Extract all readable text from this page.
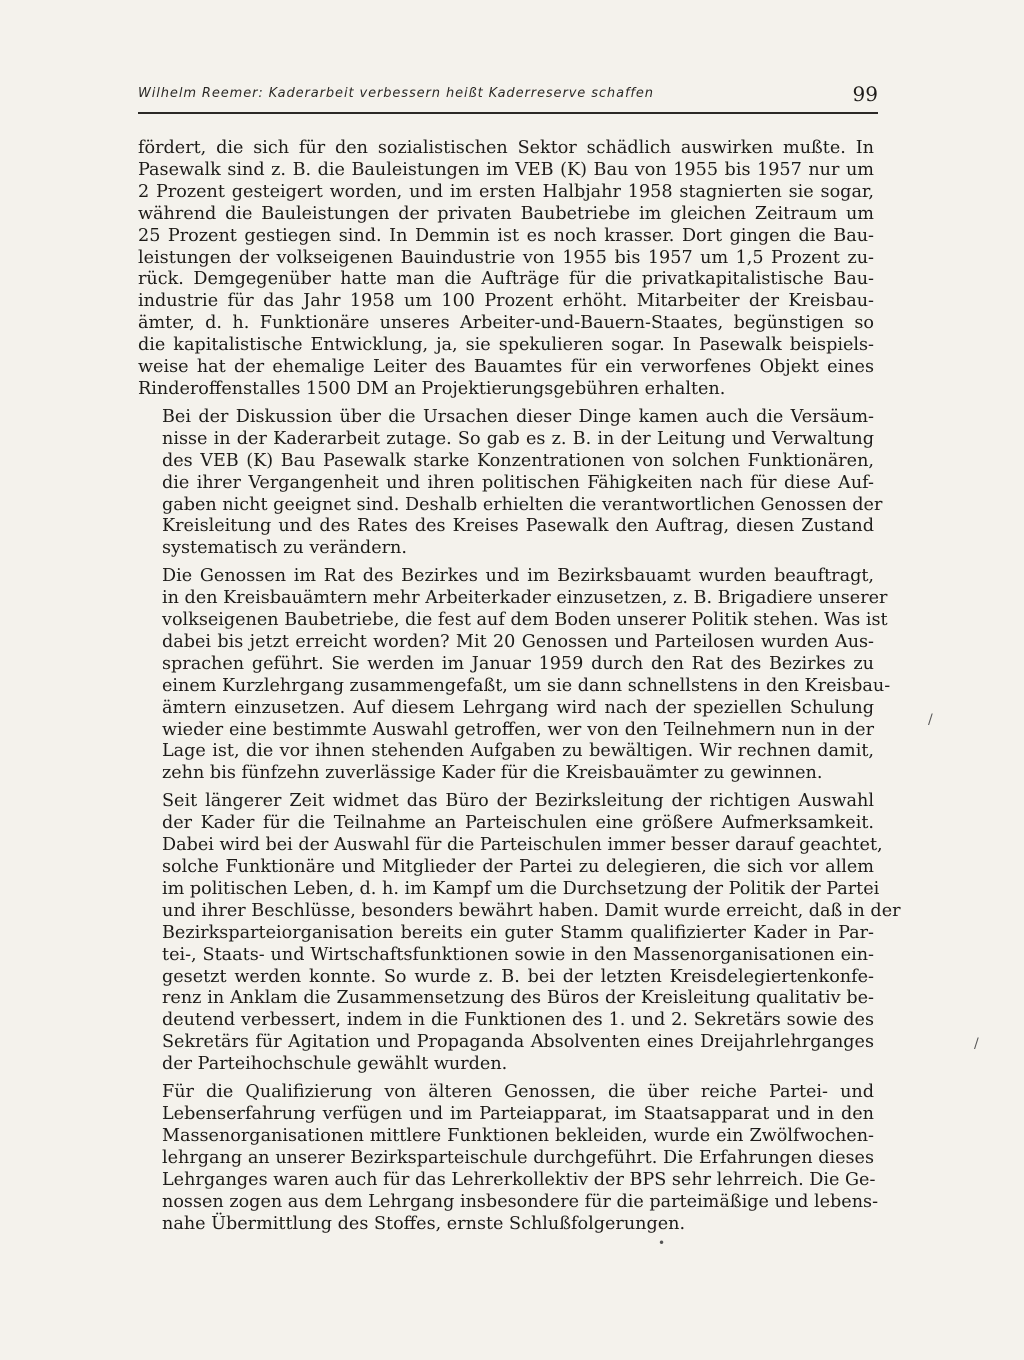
Wilhelm Reemer: Kaderarbeit verbessern heißt Kaderreserve schaffen	99

fördert, die sich für den sozialistischen Sektor schädlich auswirken mußte. In
Pasewalk sind z. B. die Bauleistungen im VEB (K) Bau von 1955 bis 1957 nur um
2 Prozent gesteigert worden, und im ersten Halbjahr 1958 stagnierten sie sogar,
während die Bauleistungen der privaten Baubetriebe im gleichen Zeitraum um
25 Prozent gestiegen sind. In Demmin ist es noch krasser. Dort gingen die Bau-
leistungen der volkseigenen Bauindustrie von 1955 bis 1957 um 1,5 Prozent zu-
rück. Demgegenüber hatte man die Aufträge für die privatkapitalistische Bau-
industrie für das Jahr 1958 um 100 Prozent erhöht. Mitarbeiter der Kreisbau-
ämter, d. h. Funktionäre unseres Arbeiter-und-Bauern-Staates, begünstigen so
die kapitalistische Entwicklung, ja, sie spekulieren sogar. In Pasewalk beispiels-
weise hat der ehemalige Leiter des Bauamtes für ein verworfenes Objekt eines
Rinderoffenstalles 1500 DM an Projektierungsgebühren erhalten.

Bei der Diskussion über die Ursachen dieser Dinge kamen auch die Versäum-
nisse in der Kaderarbeit zutage. So gab es z. B. in der Leitung und Verwaltung
des VEB (K) Bau Pasewalk starke Konzentrationen von solchen Funktionären,
die ihrer Vergangenheit und ihren politischen Fähigkeiten nach für diese Auf-
gaben nicht geeignet sind. Deshalb erhielten die verantwortlichen Genossen der
Kreisleitung und des Rates des Kreises Pasewalk den Auftrag, diesen Zustand
systematisch zu verändern.

Die Genossen im Rat des Bezirkes und im Bezirksbauamt wurden beauftragt,
in den Kreisbauämtern mehr Arbeiterkader einzusetzen, z. B. Brigadiere unserer
volkseigenen Baubetriebe, die fest auf dem Boden unserer Politik stehen. Was ist
dabei bis jetzt erreicht worden? Mit 20 Genossen und Parteilosen wurden Aus-
sprachen geführt. Sie werden im Januar 1959 durch den Rat des Bezirkes zu
einem Kurzlehrgang zusammengefaßt, um sie dann schnellstens in den Kreisbau-
ämtern einzusetzen. Auf diesem Lehrgang wird nach der speziellen Schulung
wieder eine bestimmte Auswahl getroffen, wer von den Teilnehmern nun in der
Lage ist, die vor ihnen stehenden Aufgaben zu bewältigen. Wir rechnen damit,
zehn bis fünfzehn zuverlässige Kader für die Kreisbauämter zu gewinnen.

Seit längerer Zeit widmet das Büro der Bezirksleitung der richtigen Auswahl
der Kader für die Teilnahme an Parteischulen eine größere Aufmerksamkeit.
Dabei wird bei der Auswahl für die Parteischulen immer besser darauf geachtet,
solche Funktionäre und Mitglieder der Partei zu delegieren, die sich vor allem
im politischen Leben, d. h. im Kampf um die Durchsetzung der Politik der Partei
und ihrer Beschlüsse, besonders bewährt haben. Damit wurde erreicht, daß in der
Bezirksparteiorganisation bereits ein guter Stamm qualifizierter Kader in Par-
tei-, Staats- und Wirtschaftsfunktionen sowie in den Massenorganisationen ein-
gesetzt werden konnte. So wurde z. B. bei der letzten Kreisdelegiertenkonfe-
renz in Anklam die Zusammensetzung des Büros der Kreisleitung qualitativ be-
deutend verbessert, indem in die Funktionen des 1. und 2. Sekretärs sowie des
Sekretärs für Agitation und Propaganda Absolventen eines Dreijahrlehrganges
der Parteihochschule gewählt wurden.

Für die Qualifizierung von älteren Genossen, die über reiche Partei- und
Lebenserfahrung verfügen und im Parteiapparat, im Staatsapparat und in den
Massenorganisationen mittlere Funktionen bekleiden, wurde ein Zwölfwochen-
lehrgang an unserer Bezirksparteischule durchgeführt. Die Erfahrungen dieses
Lehrganges waren auch für das Lehrerkollektiv der BPS sehr lehrreich. Die Ge-
nossen zogen aus dem Lehrgang insbesondere für die parteimäßige und lebens-
nahe Übermittlung des Stoffes, ernste Schlußfolgerungen.

/
/
•
